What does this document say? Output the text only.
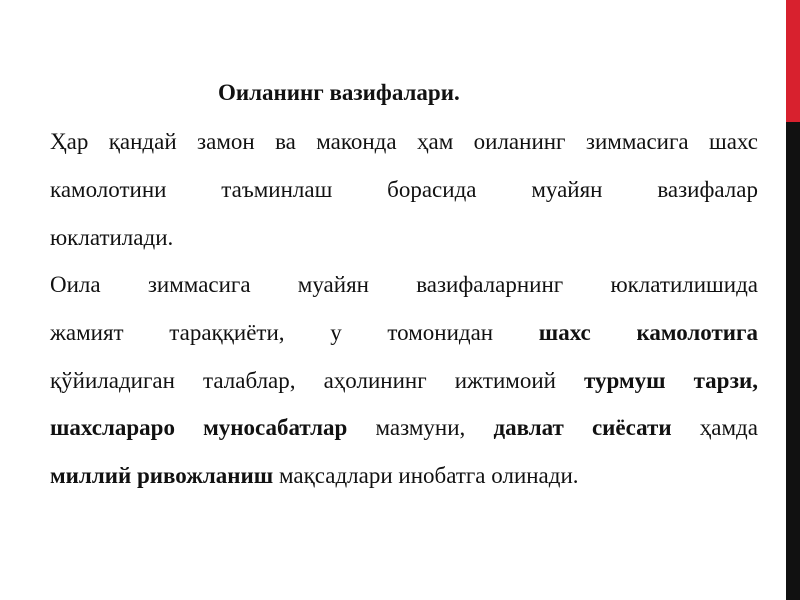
Оиланинг вазифалари.
Ҳар қандай замон ва маконда ҳам оиланинг зиммасига шахс
камолотини таъминлаш борасида муайян вазифалар
юклатилади.
Оила зиммасига муайян вазифаларнинг юклатилишида
жамият тараққиёти, у томонидан шахс камолотига
қўйиладиган талаблар, аҳолининг ижтимоий турмуш тарзи,
шахслараро муносабатлар мазмуни, давлат сиёсати ҳамда
миллий ривожланиш мақсадлари инобатга олинади.
